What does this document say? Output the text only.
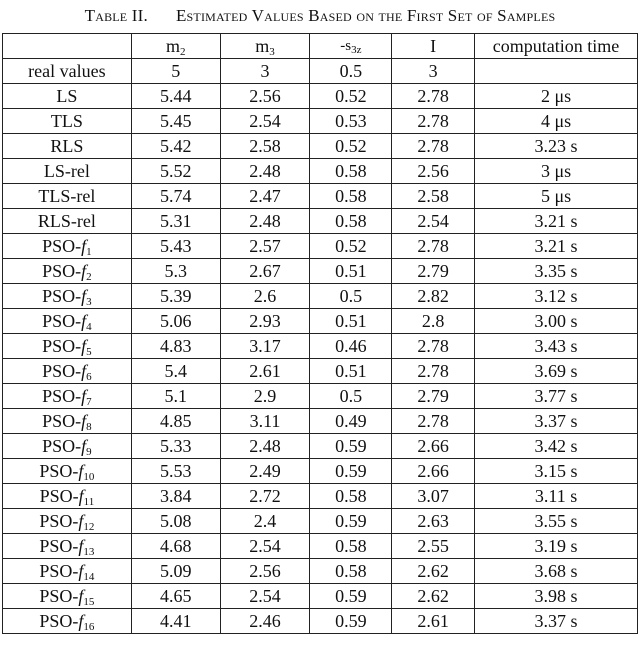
Table II. Estimated Values Based on the First Set of Samples
	$m_2$	$m_3$	$-s_{3z}$	I	computation time
real values	5	3	0.5	3	
LS	5.44	2.56	0.52	2.78	2 μs
TLS	5.45	2.54	0.53	2.78	4 μs
RLS	5.42	2.58	0.52	2.78	3.23 s
LS-rel	5.52	2.48	0.58	2.56	3 μs
TLS-rel	5.74	2.47	0.58	2.58	5 μs
RLS-rel	5.31	2.48	0.58	2.54	3.21 s
PSO-$f_1$	5.43	2.57	0.52	2.78	3.21 s
PSO-$f_2$	5.3	2.67	0.51	2.79	3.35 s
PSO-$f_3$	5.39	2.6	0.5	2.82	3.12 s
PSO-$f_4$	5.06	2.93	0.51	2.8	3.00 s
PSO-$f_5$	4.83	3.17	0.46	2.78	3.43 s
PSO-$f_6$	5.4	2.61	0.51	2.78	3.69 s
PSO-$f_7$	5.1	2.9	0.5	2.79	3.77 s
PSO-$f_8$	4.85	3.11	0.49	2.78	3.37 s
PSO-$f_9$	5.33	2.48	0.59	2.66	3.42 s
PSO-$f_{10}$	5.53	2.49	0.59	2.66	3.15 s
PSO-$f_{11}$	3.84	2.72	0.58	3.07	3.11 s
PSO-$f_{12}$	5.08	2.4	0.59	2.63	3.55 s
PSO-$f_{13}$	4.68	2.54	0.58	2.55	3.19 s
PSO-$f_{14}$	5.09	2.56	0.58	2.62	3.68 s
PSO-$f_{15}$	4.65	2.54	0.59	2.62	3.98 s
PSO-$f_{16}$	4.41	2.46	0.59	2.61	3.37 s
